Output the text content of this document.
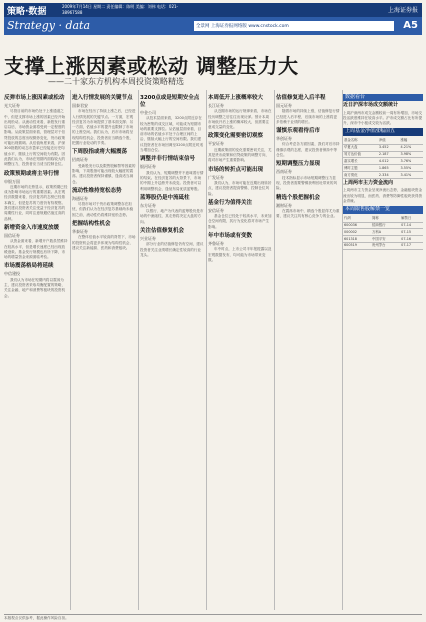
策略·数据
2009年7月14日 星期二 责任编辑：陈明 美编：刘伟 电话：021-38967588	上海证券报
Strategy · data	全景网 上海证券报网络版 www.cnstock.com	A5
支撑上涨因素或松动 调整压力大
——二十家东方机构本周投资策略精选
反弹市场上涨因素或松动
光大证券

尽管目前的市场仍处于上涨通道之中，但是支撑市场上涨的因素已经开始出现松动。从流动性来看，新股发行重启以后，市场资金面将受到一定程度的影响。从政策层面来看，管理层对于信贷投放的态度出现微妙变化，货币政策可能出现微调。从估值角度来看，沪深300指数的动态市盈率已经接近历史均值水平，继续上行的空间较为有限。因此我们认为，市场在短期内面临较大的调整压力，投资者应当适当控制仓位。

政策预期或将主导行情
申银万国

近期市场的走势显示，政策预期已经成为影响市场运行的重要因素。从宏观经济数据来看，经济复苏的态势已经基本确立，但是复苏的力度仍有待观察。我们建议投资者关注受益于经济复苏的周期性行业，同时注意规避估值过高的品种。

新增资金入市速度放缓
国信证券

从资金面来看，新增开户数虽然维持在较高水平，但是增长速度已经出现放缓迹象。基金发行规模也有所下降，市场的增量资金来源面临考验。

市场震荡格局将延续
中信建投

我们认为市场在短期内将以震荡为主，建议投资者采取均衡配置的策略，关注金融、地产和消费等板块的投资机会。

进入行情发展的关键节点
国泰君安

市场在经历了持续上涨之后，已经进入行情发展的关键节点。一方面，宏观经济复苏为市场提供了基本面支撑；另一方面，估值水平的提升也限制了市场的上涨空间。我们认为，后市市场将呈现结构性机会，投资者应当精选个股，把握行业轮动的节奏。

下周股指或将大幅震荡
招商证券

受新股发行以及限售股解禁等因素的影响，下周股指可能出现较大幅度的震荡。建议投资者保持谨慎，逢高适当减仓。

流动性维持宽松态势
海通证券

尽管市场对于货币政策调整存在担忧，但我们认为在经济复苏基础尚未稳固之前，流动性仍将维持宽松态势。

把握结构性机会
华泰证券

在整体估值水平较高的背景下，市场的投资机会将更多体现为结构性机会，建议关注新能源、医药和消费板块。

3200点或是短期安全点位
中金公司

从技术层面来看，3200点附近存在较为密集的成交区域，可能成为短期市场的重要支撑位。从估值层面来看，目前市场的估值水平处于合理区间的上沿，继续大幅上行的空间有限。我们建议投资者在市场回调至3200点附近时适当增加仓位。

调整并非行情结束信号
银河证券

我们认为，短期调整并不意味着行情的结束。在经济复苏的大背景下，市场的中期上升趋势并未改变。投资者可以利用调整机会，逢低布局优质蓝筹股。

蓝筹股仍是中流砥柱
东方证券

以银行、地产为代表的蓝筹股仍是市场的中流砥柱，其走势将决定大盘的方向。

关注估值修复机会
兴业证券

部分行业的估值修复仍有空间，建议投资者关注业绩增长确定性较高的行业龙头。

本周低开上涨概率较大
长江证券

从近期市场的运行规律来看，市场在经历调整之后往往出现反弹。预计本周市场低开后上涨的概率较大，但需要注意成交量的变化。

政策变化需要密切观察
平安证券

近期政策面的变化需要密切关注，尤其是货币政策和信贷政策的调整方向，将对市场产生重要影响。

市场的转折点可能出现
广发证券

我们认为，市场可能在近期出现转折点，建议投资者提高警惕，控制仓位风险。

基金行为值得关注
安信证券

基金仓位已经处于较高水平，未来加仓空间有限，其行为变化将对市场产生影响。

年中市场或有变数
齐鲁证券

年中时点，上市公司半年报披露以及宏观数据发布，均可能为市场带来变数。

估值修复进入后半程
国元证券

随着市场的持续上涨，估值修复行情已经进入后半程，后续市场的上涨将更多依赖于业绩的增长。

谨慎乐观看待后市
华创证券

综合考虑各方面因素，我们对后市持谨慎乐观的态度，建议投资者保持中等仓位。

短期调整压力显现
西南证券

技术指标显示市场短期调整压力显现，投资者需要警惕获利回吐带来的风险。

精选个股把握机会
湘财证券

在震荡市场中，精选个股显得尤为重要，建议关注具有核心竞争力的企业。

数据看台
近日沪深市场成交额统计

上周沪深两市成交金额较前一周有所增加，市场交投活跃度维持在较高水平。沪市成交额占比有所提升，深市中小板成交较为活跃。

上周基金净值涨幅前五
基金名称	净值	涨幅
华夏大盘	3.452	4.21%
易方达价值	2.187	3.98%
嘉实增长	4.012	3.76%
博时主题	1.865	3.55%
南方绩优	2.334	3.41%
上周两市主力资金流向

上周两市主力资金呈现净流出态势，金融板块资金流出较为明显，而医药、消费等防御性板块获得资金青睐。

本周限售股解禁一览
代码	简称	解禁日
600036	招商银行	07-14
000002	万科A	07-15
601318	中国平安	07-16
600519	贵州茅台	07-17
本版观点仅供参考，据此操作风险自担。
